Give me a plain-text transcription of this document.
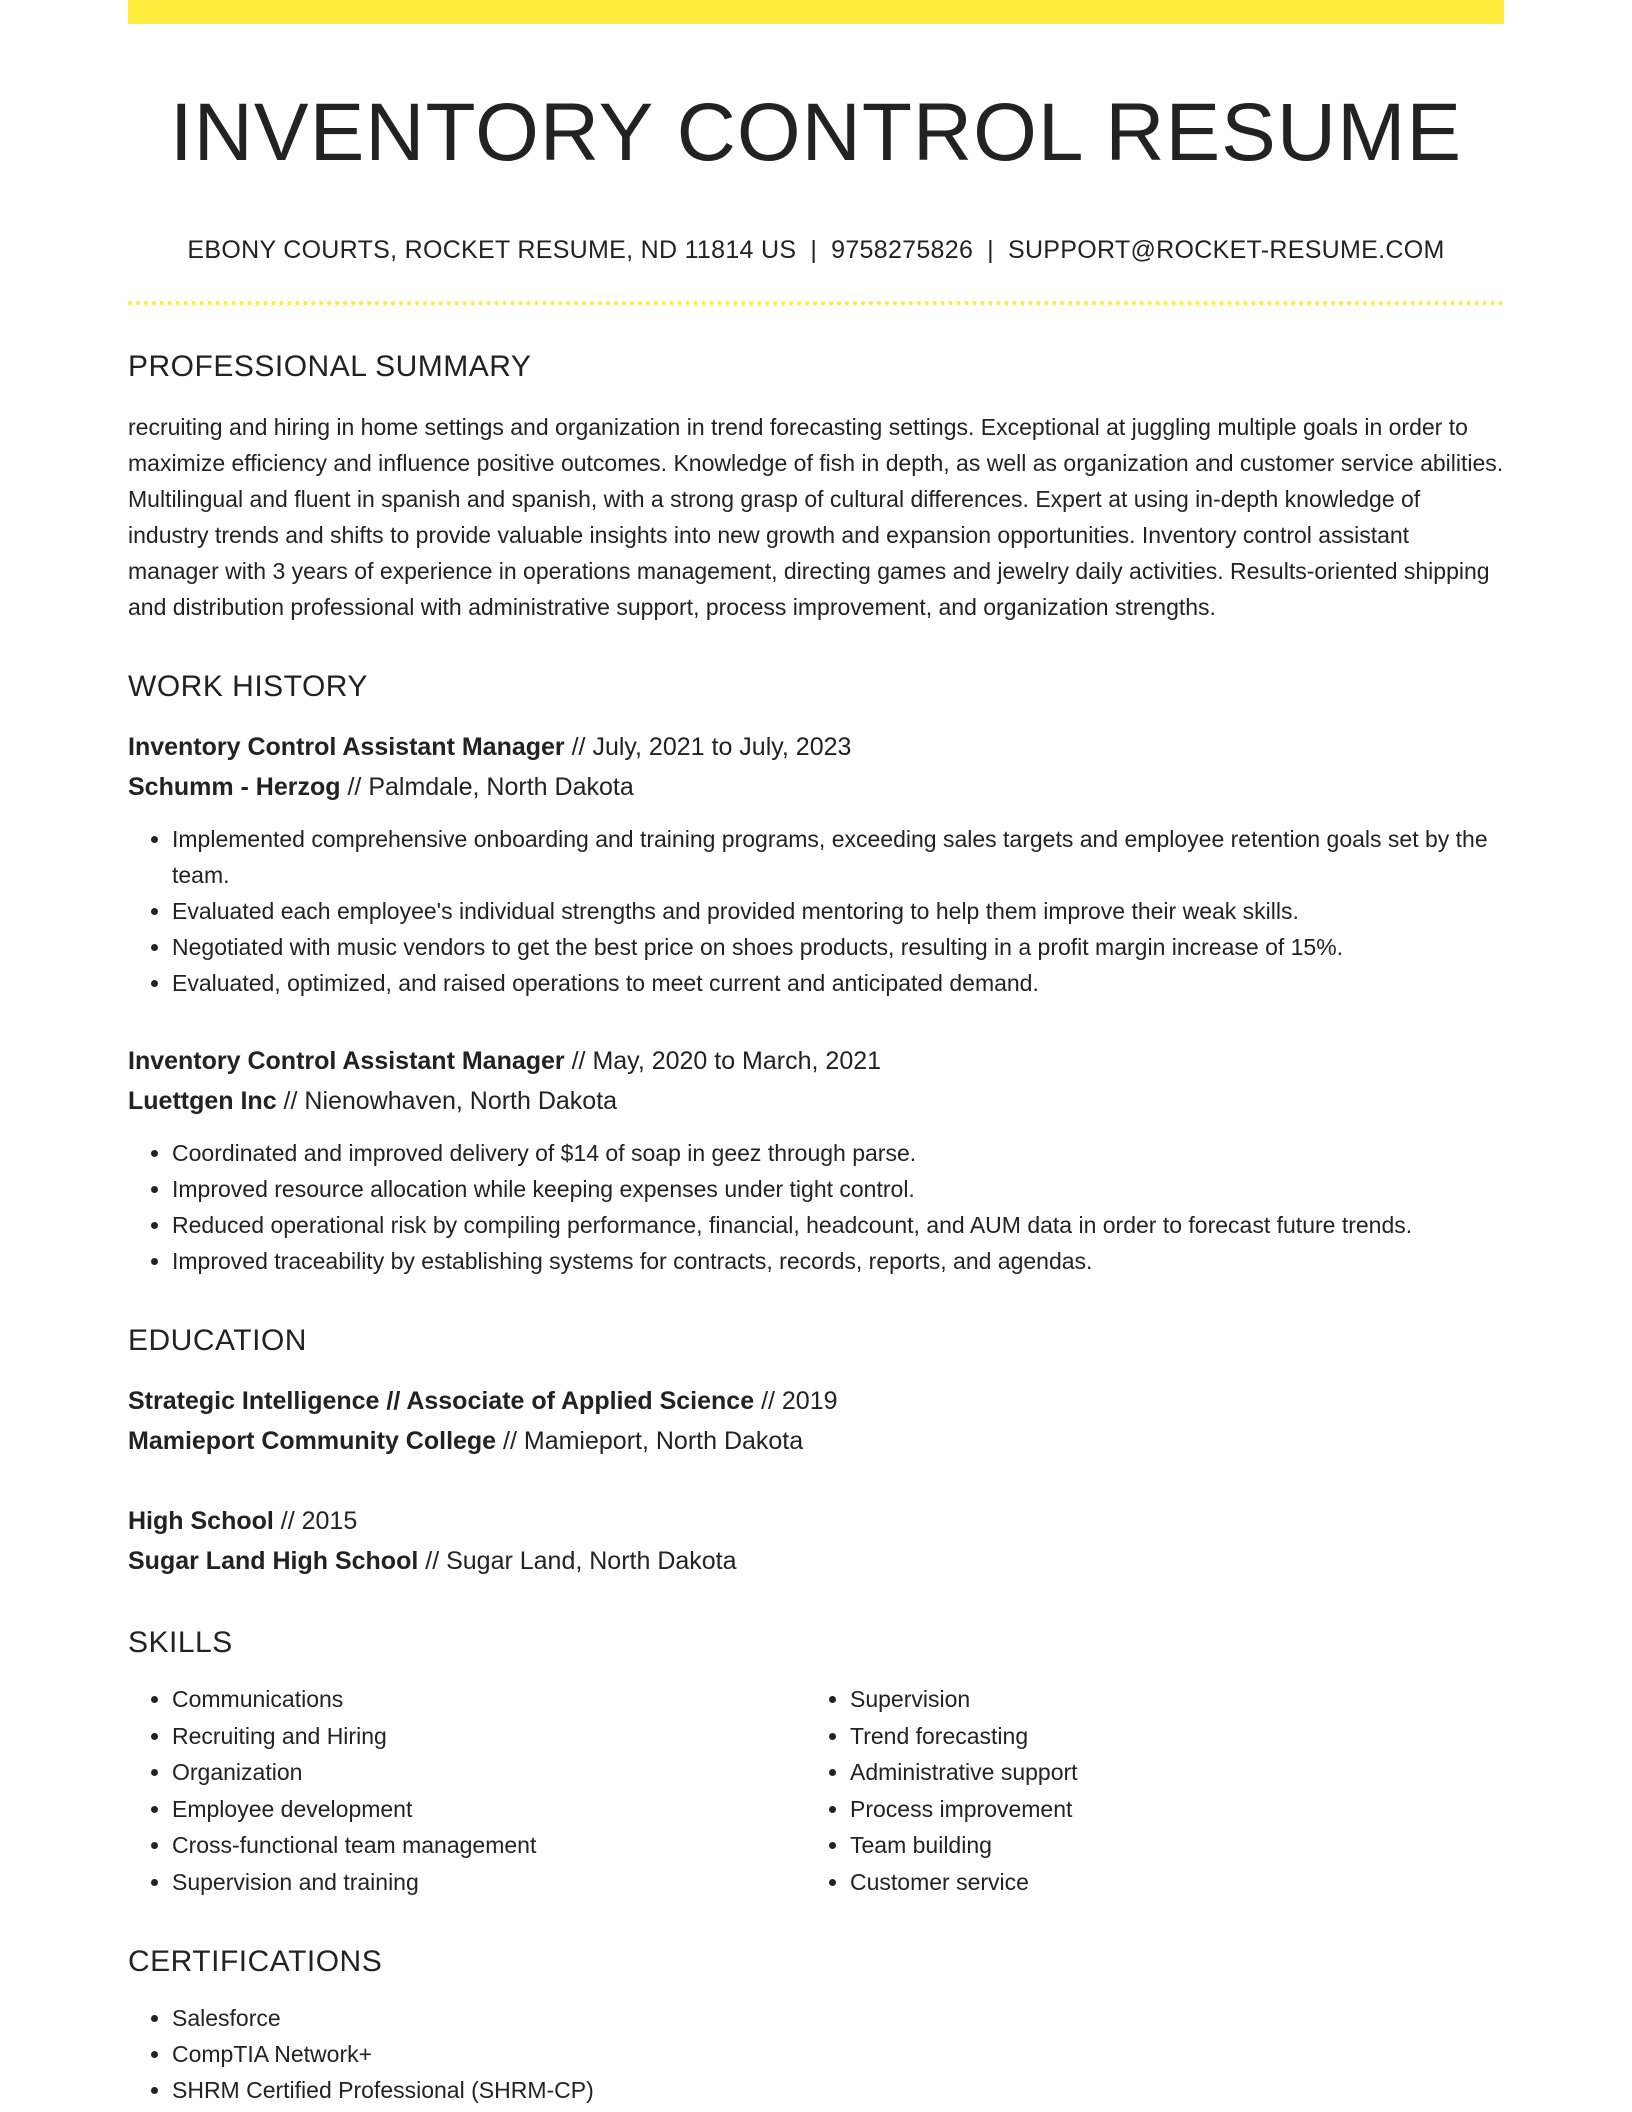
INVENTORY CONTROL RESUME
EBONY COURTS, ROCKET RESUME, ND 11814 US | 9758275826 | SUPPORT@ROCKET-RESUME.COM
PROFESSIONAL SUMMARY
recruiting and hiring in home settings and organization in trend forecasting settings. Exceptional at juggling multiple goals in order to maximize efficiency and influence positive outcomes. Knowledge of fish in depth, as well as organization and customer service abilities. Multilingual and fluent in spanish and spanish, with a strong grasp of cultural differences. Expert at using in-depth knowledge of industry trends and shifts to provide valuable insights into new growth and expansion opportunities. Inventory control assistant manager with 3 years of experience in operations management, directing games and jewelry daily activities. Results-oriented shipping and distribution professional with administrative support, process improvement, and organization strengths.
WORK HISTORY
Inventory Control Assistant Manager // July, 2021 to July, 2023
Schumm - Herzog // Palmdale, North Dakota
• Implemented comprehensive onboarding and training programs, exceeding sales targets and employee retention goals set by the team.
• Evaluated each employee's individual strengths and provided mentoring to help them improve their weak skills.
• Negotiated with music vendors to get the best price on shoes products, resulting in a profit margin increase of 15%.
• Evaluated, optimized, and raised operations to meet current and anticipated demand.
Inventory Control Assistant Manager // May, 2020 to March, 2021
Luettgen Inc // Nienowhaven, North Dakota
• Coordinated and improved delivery of $14 of soap in geez through parse.
• Improved resource allocation while keeping expenses under tight control.
• Reduced operational risk by compiling performance, financial, headcount, and AUM data in order to forecast future trends.
• Improved traceability by establishing systems for contracts, records, reports, and agendas.
EDUCATION
Strategic Intelligence // Associate of Applied Science // 2019
Mamieport Community College // Mamieport, North Dakota
High School // 2015
Sugar Land High School // Sugar Land, North Dakota
SKILLS
• Communications
• Recruiting and Hiring
• Organization
• Employee development
• Cross-functional team management
• Supervision and training
• Supervision
• Trend forecasting
• Administrative support
• Process improvement
• Team building
• Customer service
CERTIFICATIONS
• Salesforce
• CompTIA Network+
• SHRM Certified Professional (SHRM-CP)
